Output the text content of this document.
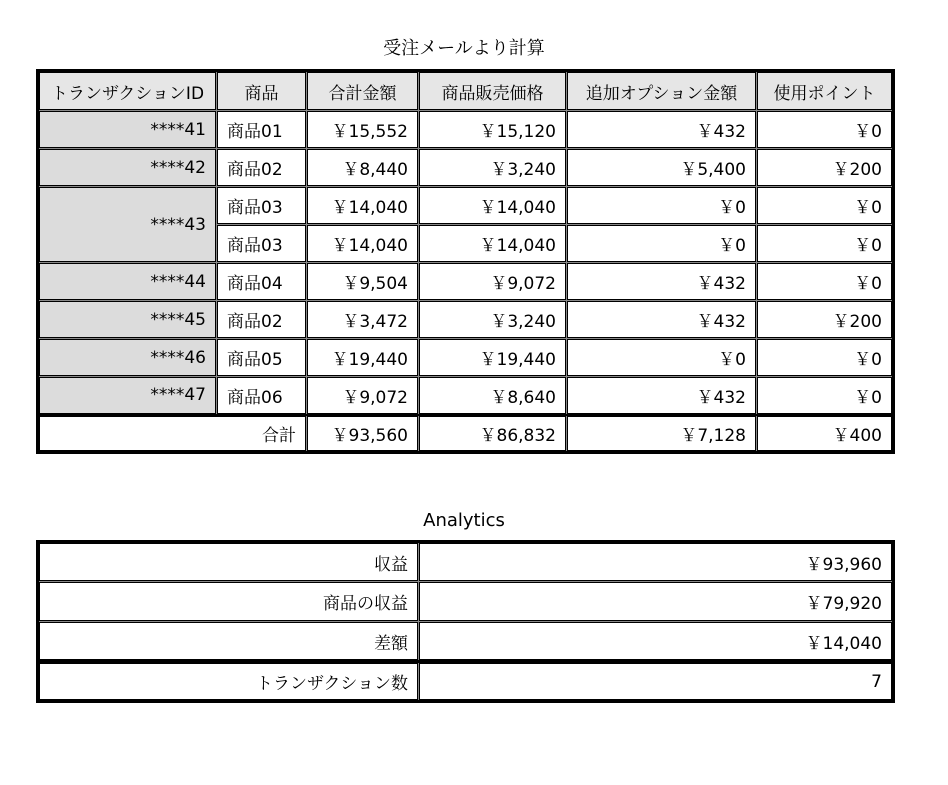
受注メールより計算
トランザクションID	商品	合計金額	商品販売価格	追加オプション金額	使用ポイント
****41	商品01	￥15,552	￥15,120	￥432	￥0
****42	商品02	￥8,440	￥3,240	￥5,400	￥200
****43	商品03	￥14,040	￥14,040	￥0	￥0
	商品03	￥14,040	￥14,040	￥0	￥0
****44	商品04	￥9,504	￥9,072	￥432	￥0
****45	商品02	￥3,472	￥3,240	￥432	￥200
****46	商品05	￥19,440	￥19,440	￥0	￥0
****47	商品06	￥9,072	￥8,640	￥432	￥0
合計		￥93,560	￥86,832	￥7,128	￥400
Analytics
収益	￥93,960
商品の収益	￥79,920
差額	￥14,040
トランザクション数	7
